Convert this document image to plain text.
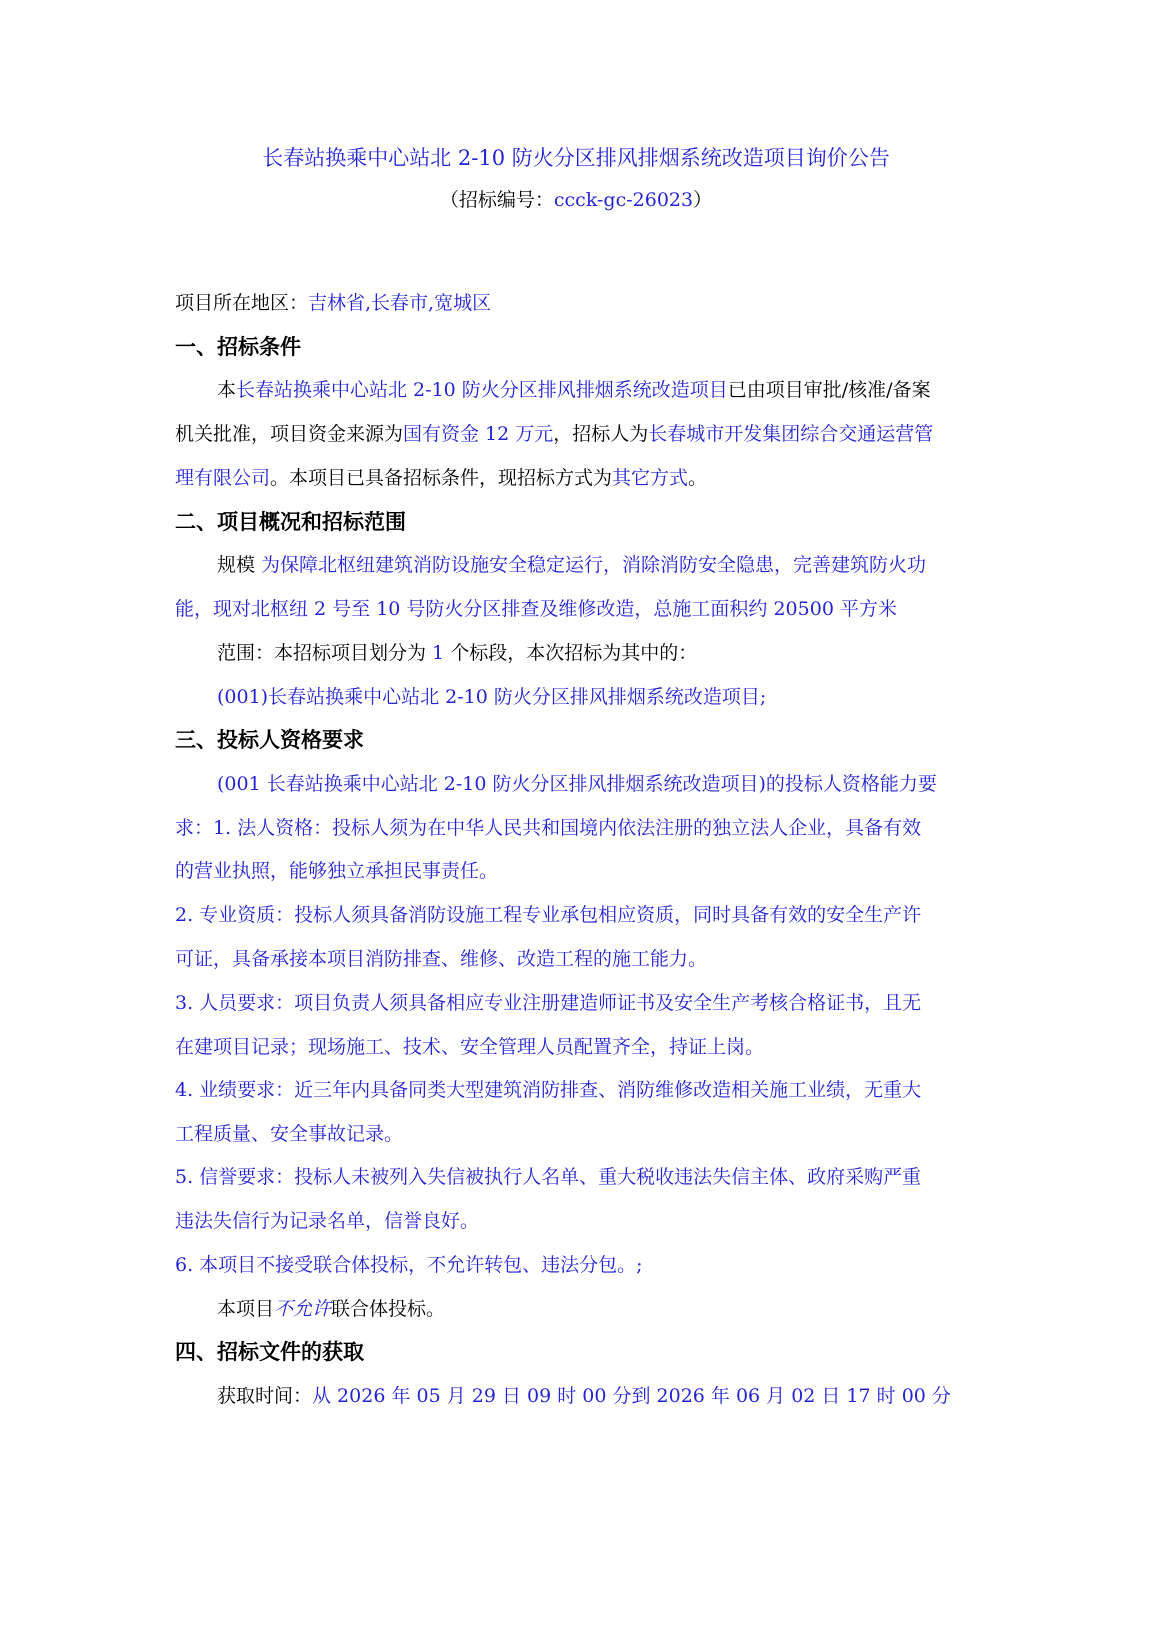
长春站换乘中心站北 2-10 防火分区排风排烟系统改造项目询价公告
（招标编号：ccck-gc-26023）
项目所在地区：吉林省,长春市,宽城区
一、招标条件
本长春站换乘中心站北 2-10 防火分区排风排烟系统改造项目已由项目审批/核准/备案
机关批准，项目资金来源为国有资金 12 万元，招标人为长春城市开发集团综合交通运营管
理有限公司。本项目已具备招标条件，现招标方式为其它方式。
二、项目概况和招标范围
规模 为保障北枢纽建筑消防设施安全稳定运行，消除消防安全隐患，完善建筑防火功
能，现对北枢纽 2 号至 10 号防火分区排查及维修改造，总施工面积约 20500 平方米
范围：本招标项目划分为 1 个标段，本次招标为其中的：
(001)长春站换乘中心站北 2-10 防火分区排风排烟系统改造项目;
三、投标人资格要求
(001 长春站换乘中心站北 2-10 防火分区排风排烟系统改造项目)的投标人资格能力要
求：1. 法人资格：投标人须为在中华人民共和国境内依法注册的独立法人企业，具备有效
的营业执照，能够独立承担民事责任。
2. 专业资质：投标人须具备消防设施工程专业承包相应资质，同时具备有效的安全生产许
可证，具备承接本项目消防排查、维修、改造工程的施工能力。
3. 人员要求：项目负责人须具备相应专业注册建造师证书及安全生产考核合格证书，且无
在建项目记录；现场施工、技术、安全管理人员配置齐全，持证上岗。
4. 业绩要求：近三年内具备同类大型建筑消防排查、消防维修改造相关施工业绩，无重大
工程质量、安全事故记录。
5. 信誉要求：投标人未被列入失信被执行人名单、重大税收违法失信主体、政府采购严重
违法失信行为记录名单，信誉良好。
6. 本项目不接受联合体投标，不允许转包、违法分包。;
本项目不允许联合体投标。
四、招标文件的获取
获取时间：从 2026 年 05 月 29 日 09 时 00 分到 2026 年 06 月 02 日 17 时 00 分
